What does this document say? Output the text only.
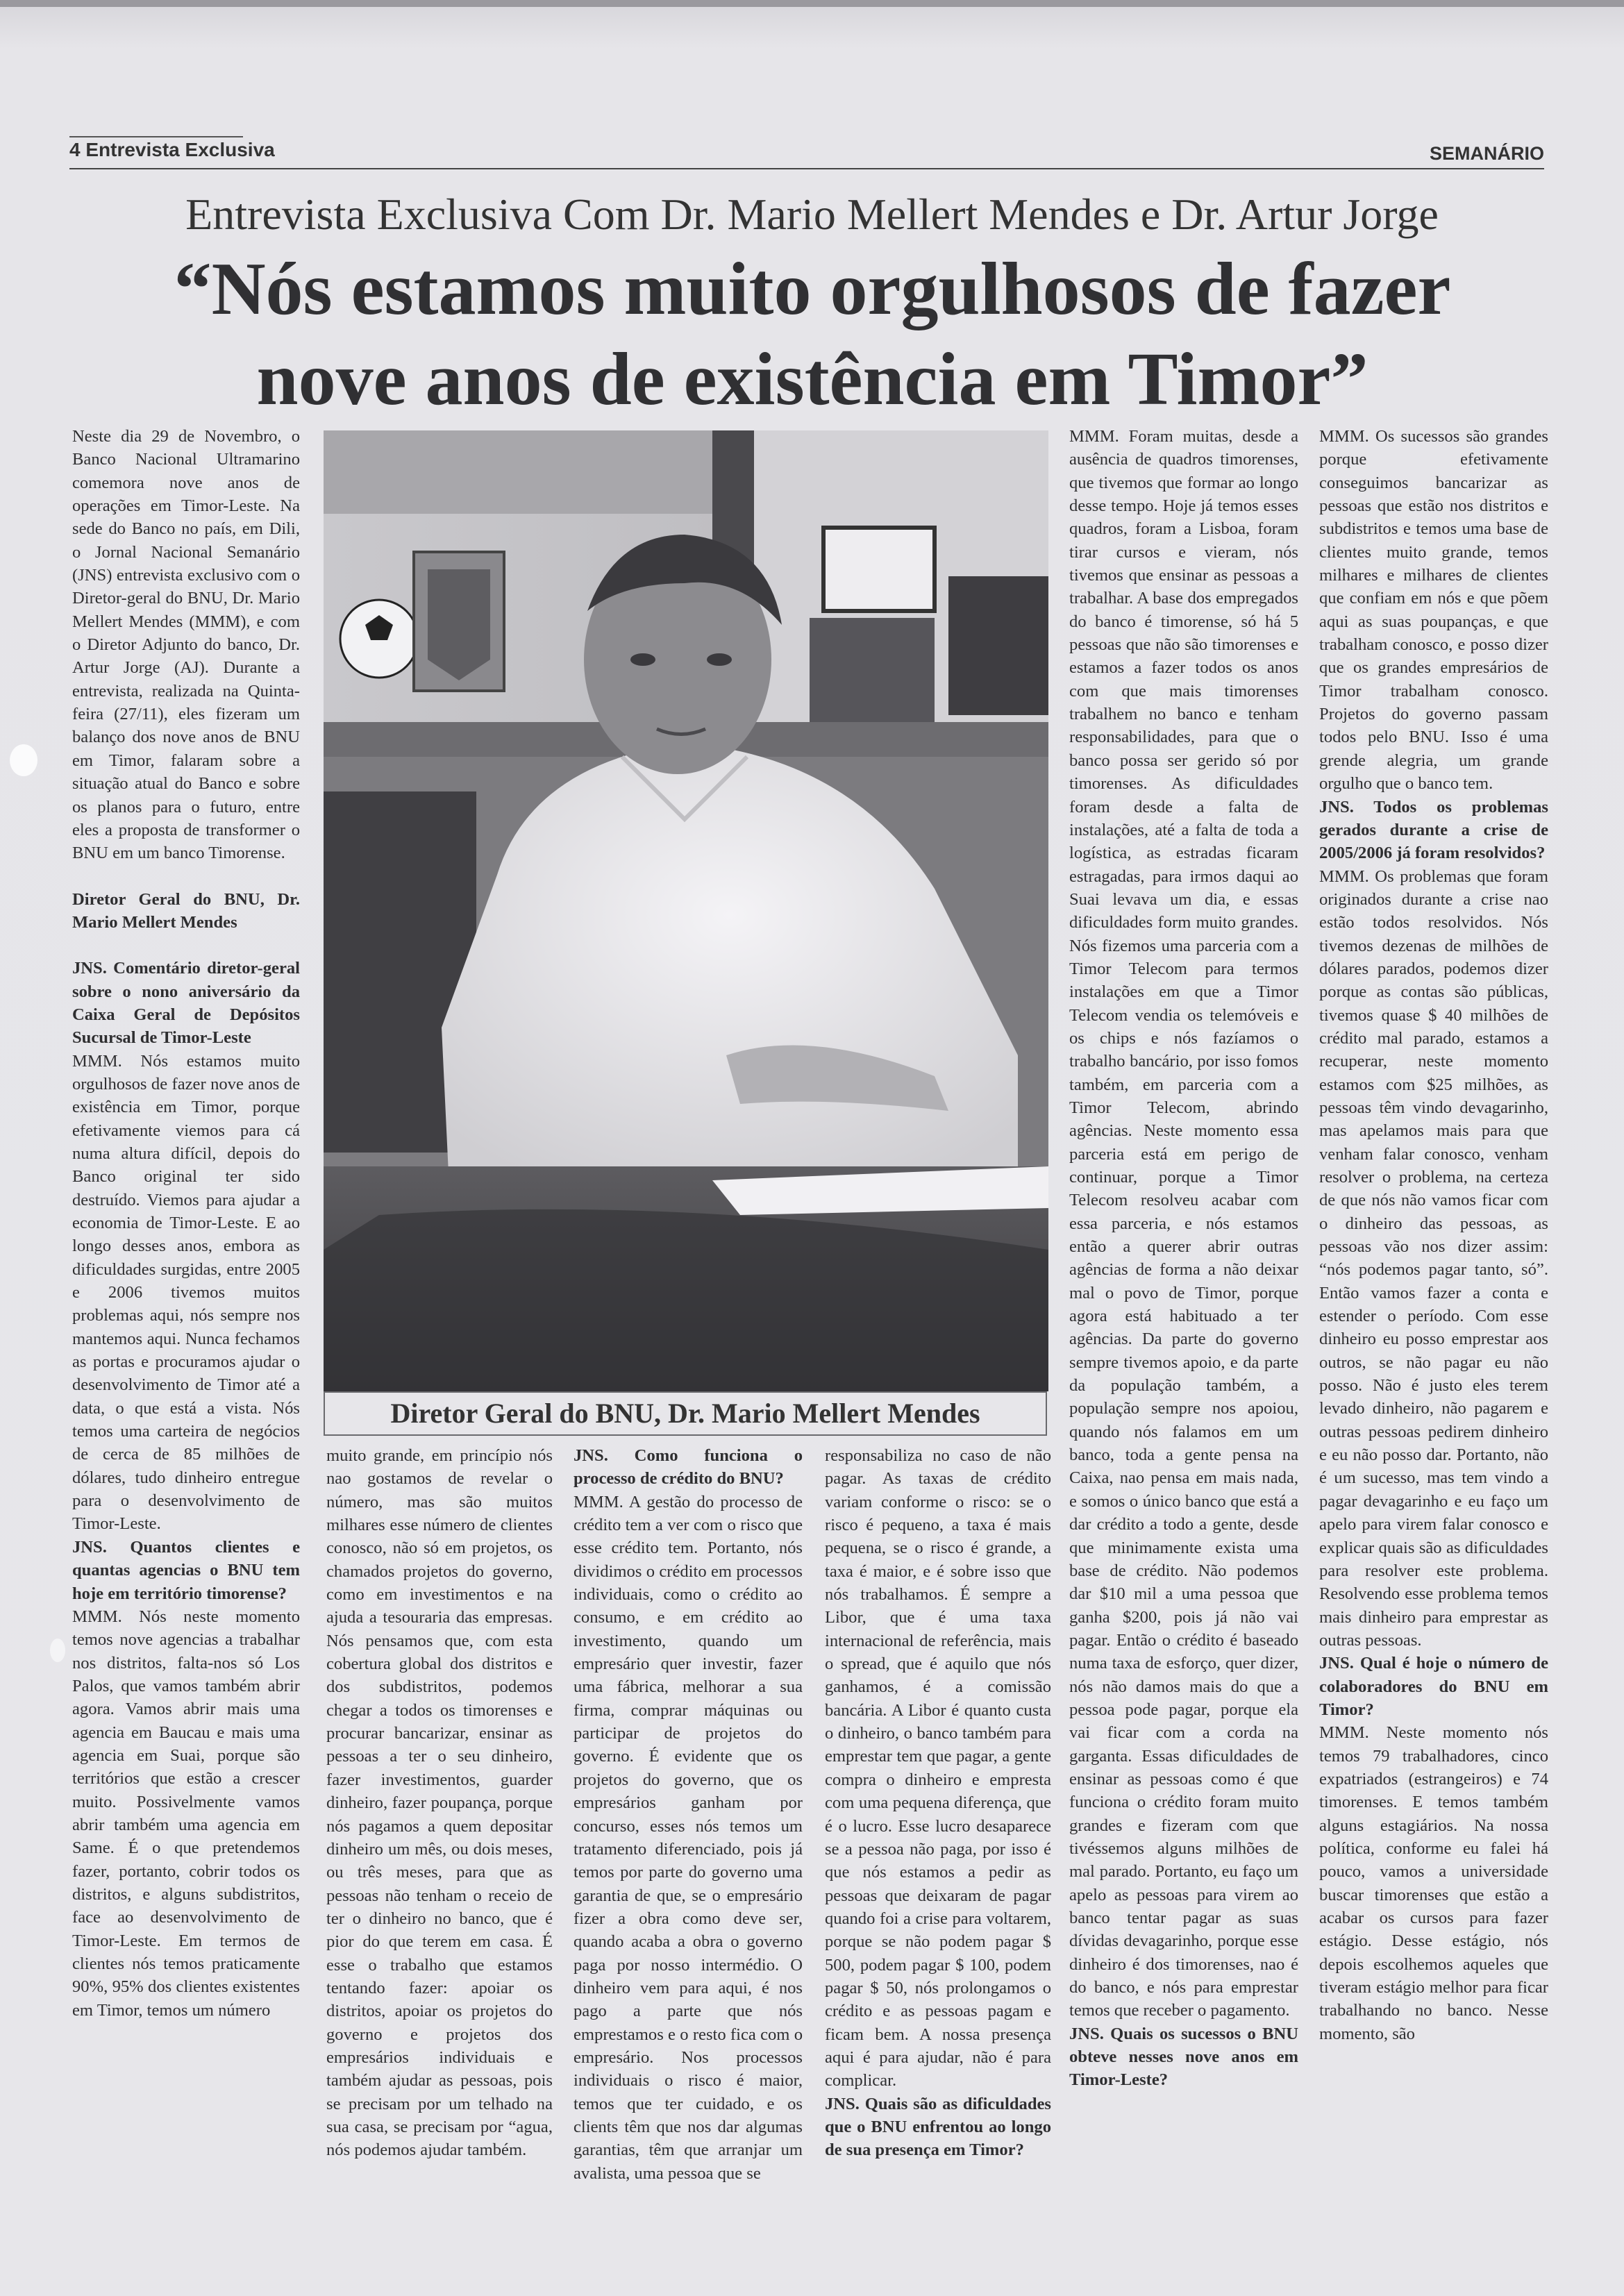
4 Entrevista Exclusiva	SEMANÁRIO
Entrevista Exclusiva Com Dr. Mario Mellert Mendes e Dr. Artur Jorge
“Nós estamos muito orgulhosos de fazer
nove anos de existência em Timor”

Neste dia 29 de Novembro, o Banco Nacional Ultramarino comemora nove anos de operações em Timor-Leste. Na sede do Banco no país, em Dili, o Jornal Nacional Semanário (JNS) entrevista exclusivo com o Diretor-geral do BNU, Dr. Mario Mellert Mendes (MMM), e com o Diretor Adjunto do banco, Dr. Artur Jorge (AJ). Durante a entrevista, realizada na Quinta-feira (27/11), eles fizeram um balanço dos nove anos de BNU em Timor, falaram sobre a situação atual do Banco e sobre os planos para o futuro, entre eles a proposta de transformer o BNU em um banco Timorense.

Diretor Geral do BNU, Dr. Mario Mellert Mendes

JNS. Comentário diretor-geral sobre o nono aniversário da Caixa Geral de Depósitos Sucursal de Timor-Leste

MMM. Nós estamos muito orgulhosos de fazer nove anos de existência em Timor, porque efetivamente viemos para cá numa altura difícil, depois do Banco original ter sido destruído. Viemos para ajudar a economia de Timor-Leste. E ao longo desses anos, embora as dificuldades surgidas, entre 2005 e 2006 tivemos muitos problemas aqui, nós sempre nos mantemos aqui. Nunca fechamos as portas e procuramos ajudar o desenvolvimento de Timor até a data, o que está a vista. Nós temos uma carteira de negócios de cerca de 85 milhões de dólares, tudo dinheiro entregue para o desenvolvimento de Timor-Leste.

JNS. Quantos clientes e quantas agencias o BNU tem hoje em território timorense?

MMM. Nós neste momento temos nove agencias a trabalhar nos distritos, falta-nos só Los Palos, que vamos também abrir agora. Vamos abrir mais uma agencia em Baucau e mais uma agencia em Suai, porque são territórios que estão a crescer muito. Possivelmente vamos abrir também uma agencia em Same. É o que pretendemos fazer, portanto, cobrir todos os distritos, e alguns subdistritos, face ao desenvolvimento de Timor-Leste. Em termos de clientes nós temos praticamente 90%, 95% dos clientes existentes em Timor, temos um número

Diretor Geral do BNU, Dr. Mario Mellert Mendes

muito grande, em princípio nós nao gostamos de revelar o número, mas são muitos milhares esse número de clientes conosco, não só em projetos, os chamados projetos do governo, como em investimentos e na ajuda a tesouraria das empresas. Nós pensamos que, com esta cobertura global dos distritos e dos subdistritos, podemos chegar a todos os timorenses e procurar bancarizar, ensinar as pessoas a ter o seu dinheiro, fazer investimentos, guarder dinheiro, fazer poupança, porque nós pagamos a quem depositar dinheiro um mês, ou dois meses, ou três meses, para que as pessoas não tenham o receio de ter o dinheiro no banco, que é pior do que terem em casa. É esse o trabalho que estamos tentando fazer: apoiar os distritos, apoiar os projetos do governo e projetos dos empresários individuais e também ajudar as pessoas, pois se precisam por um telhado na sua casa, se precisam por “agua, nós podemos ajudar também.

JNS. Como funciona o processo de crédito do BNU?

MMM. A gestão do processo de crédito tem a ver com o risco que esse crédito tem. Portanto, nós dividimos o crédito em processos individuais, como o crédito ao consumo, e em crédito ao investimento, quando um empresário quer investir, fazer uma fábrica, melhorar a sua firma, comprar máquinas ou participar de projetos do governo. É evidente que os projetos do governo, que os empresários ganham por concurso, esses nós temos um tratamento diferenciado, pois já temos por parte do governo uma garantia de que, se o empresário fizer a obra como deve ser, quando acaba a obra o governo paga por nosso intermédio. O dinheiro vem para aqui, é nos pago a parte que nós emprestamos e o resto fica com o empresário. Nos processos individuais o risco é maior, temos que ter cuidado, e os clients têm que nos dar algumas garantias, têm que arranjar um avalista, uma pessoa que se

responsabiliza no caso de não pagar. As taxas de crédito variam conforme o risco: se o risco é pequeno, a taxa é mais pequena, se o risco é grande, a taxa é maior, e é sobre isso que nós trabalhamos. É sempre a Libor, que é uma taxa internacional de referência, mais o spread, que é aquilo que nós ganhamos, é a comissão bancária. A Libor é quanto custa o dinheiro, o banco também para emprestar tem que pagar, a gente compra o dinheiro e empresta com uma pequena diferença, que é o lucro. Esse lucro desaparece se a pessoa não paga, por isso é que nós estamos a pedir as pessoas que deixaram de pagar quando foi a crise para voltarem, porque se não podem pagar $ 500, podem pagar $ 100, podem pagar $ 50, nós prolongamos o crédito e as pessoas pagam e ficam bem. A nossa presença aqui é para ajudar, não é para complicar.

JNS. Quais são as dificuldades que o BNU enfrentou ao longo de sua presença em Timor?

MMM. Foram muitas, desde a ausência de quadros timorenses, que tivemos que formar ao longo desse tempo. Hoje já temos esses quadros, foram a Lisboa, foram tirar cursos e vieram, nós tivemos que ensinar as pessoas a trabalhar. A base dos empregados do banco é timorense, só há 5 pessoas que não são timorenses e estamos a fazer todos os anos com que mais timorenses trabalhem no banco e tenham responsabilidades, para que o banco possa ser gerido só por timorenses. As dificuldades foram desde a falta de instalações, até a falta de toda a logística, as estradas ficaram estragadas, para irmos daqui ao Suai levava um dia, e essas dificuldades form muito grandes. Nós fizemos uma parceria com a Timor Telecom para termos instalações em que a Timor Telecom vendia os telemóveis e os chips e nós fazíamos o trabalho bancário, por isso fomos também, em parceria com a Timor Telecom, abrindo agências. Neste momento essa parceria está em perigo de continuar, porque a Timor Telecom resolveu acabar com essa parceria, e nós estamos então a querer abrir outras agências de forma a não deixar mal o povo de Timor, porque agora está habituado a ter agências. Da parte do governo sempre tivemos apoio, e da parte da população também, a população sempre nos apoiou, quando nós falamos em um banco, toda a gente pensa na Caixa, nao pensa em mais nada, e somos o único banco que está a dar crédito a todo a gente, desde que minimamente exista uma base de crédito. Não podemos dar $10 mil a uma pessoa que ganha $200, pois já não vai pagar. Então o crédito é baseado numa taxa de esforço, quer dizer, nós não damos mais do que a pessoa pode pagar, porque ela vai ficar com a corda na garganta. Essas dificuldades de ensinar as pessoas como é que funciona o crédito foram muito grandes e fizeram com que tivéssemos alguns milhões de mal parado. Portanto, eu faço um apelo as pessoas para virem ao banco tentar pagar as suas dívidas devagarinho, porque esse dinheiro é dos timorenses, nao é do banco, e nós para emprestar temos que receber o pagamento.

JNS. Quais os sucessos o BNU obteve nesses nove anos em Timor-Leste?

MMM. Os sucessos são grandes porque efetivamente conseguimos bancarizar as pessoas que estão nos distritos e subdistritos e temos uma base de clientes muito grande, temos milhares e milhares de clientes que confiam em nós e que põem aqui as suas poupanças, e que trabalham conosco, e posso dizer que os grandes empresários de Timor trabalham conosco. Projetos do governo passam todos pelo BNU. Isso é uma grende alegria, um grande orgulho que o banco tem.

JNS. Todos os problemas gerados durante a crise de 2005/2006 já foram resolvidos?

MMM. Os problemas que foram originados durante a crise nao estão todos resolvidos. Nós tivemos dezenas de milhões de dólares parados, podemos dizer porque as contas são públicas, tivemos quase $ 40 milhões de crédito mal parado, estamos a recuperar, neste momento estamos com $25 milhões, as pessoas têm vindo devagarinho, mas apelamos mais para que venham falar conosco, venham resolver o problema, na certeza de que nós não vamos ficar com o dinheiro das pessoas, as pessoas vão nos dizer assim: “nós podemos pagar tanto, só”. Então vamos fazer a conta e estender o período. Com esse dinheiro eu posso emprestar aos outros, se não pagar eu não posso. Não é justo eles terem levado dinheiro, não pagarem e outras pessoas pedirem dinheiro e eu não posso dar. Portanto, não é um sucesso, mas tem vindo a pagar devagarinho e eu faço um apelo para virem falar conosco e explicar quais são as dificuldades para resolver este problema. Resolvendo esse problema temos mais dinheiro para emprestar as outras pessoas.

JNS. Qual é hoje o número de colaboradores do BNU em Timor?

MMM. Neste momento nós temos 79 trabalhadores, cinco expatriados (estrangeiros) e 74 timorenses. E temos também alguns estagiários. Na nossa política, conforme eu falei há pouco, vamos a universidade buscar timorenses que estão a acabar os cursos para fazer estágio. Desse estágio, nós depois escolhemos aqueles que tiveram estágio melhor para ficar trabalhando no banco. Nesse momento, são
